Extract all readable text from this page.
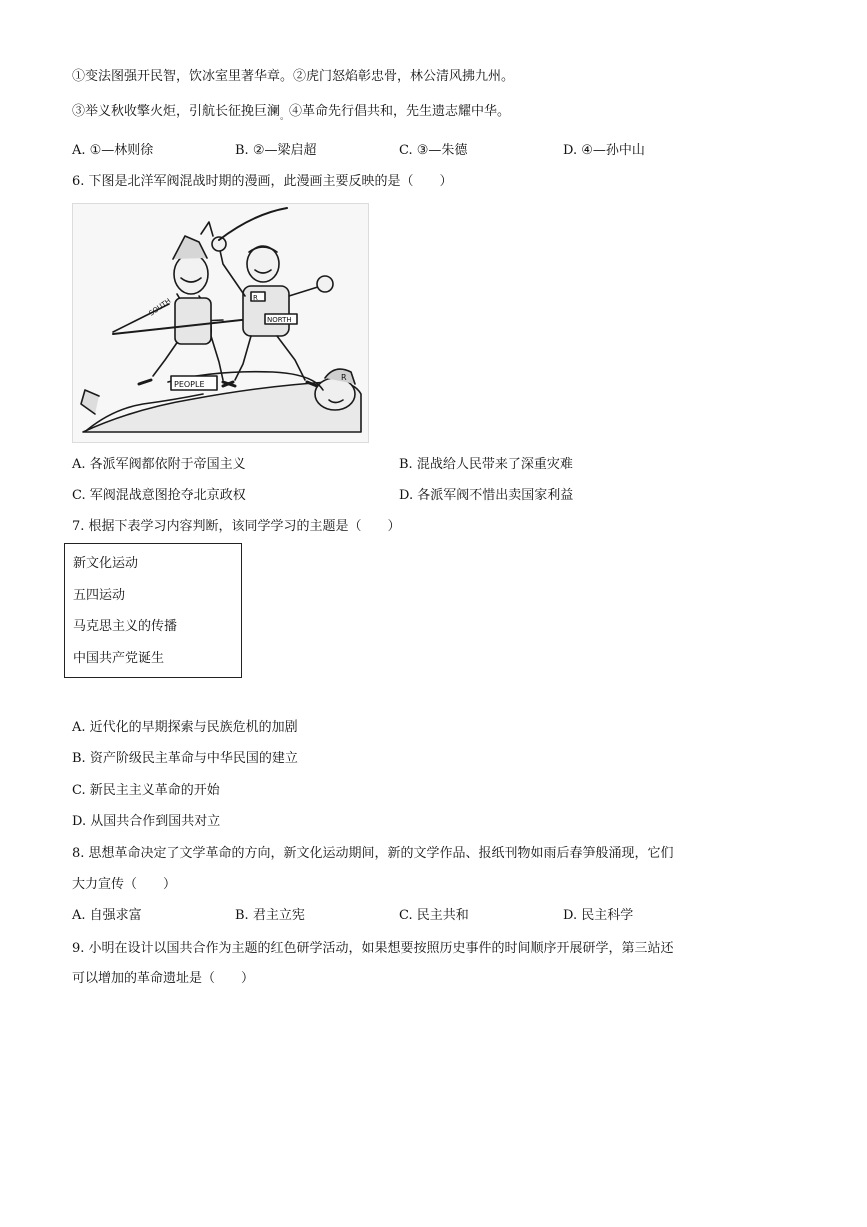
①变法图强开民智，饮冰室里著华章。②虎门怒焰彰忠骨，林公清风拂九州。
③举义秋收擎火炬，引航长征挽巨澜$_。$④革命先行倡共和，先生遗志耀中华。
A. ①—林则徐	B. ②—梁启超	C. ③—朱德	D. ④—孙中山
6. 下图是北洋军阀混战时期的漫画，此漫画主要反映的是（　　）
SOUTH
NORTH
PEOPLE
R
R
A. 各派军阀都依附于帝国主义	B. 混战给人民带来了深重灾难
C. 军阀混战意图抢夺北京政权	D. 各派军阀不惜出卖国家利益
7. 根据下表学习内容判断，该同学学习的主题是（　　）
新文化运动
五四运动
马克思主义的传播
中国共产党诞生
A. 近代化的早期探索与民族危机的加剧
B. 资产阶级民主革命与中华民国的建立
C. 新民主主义革命的开始
D. 从国共合作到国共对立
8. 思想革命决定了文学革命的方向，新文化运动期间，新的文学作品、报纸刊物如雨后春笋般涌现，它们
大力宣传（　　）
A. 自强求富	B. 君主立宪	C. 民主共和	D. 民主科学
9. 小明在设计以国共合作为主题的红色研学活动，如果想要按照历史事件的时间顺序开展研学，第三站还
可以增加的革命遗址是（　　）
